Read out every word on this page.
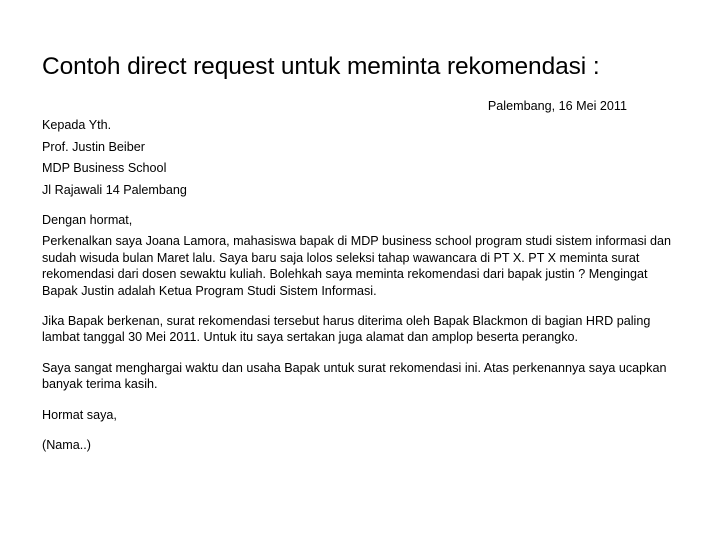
Contoh direct request untuk meminta rekomendasi :

Palembang, 16 Mei 2011

Kepada Yth.

Prof. Justin Beiber

MDP Business School

Jl Rajawali 14 Palembang

Dengan hormat,

Perkenalkan saya Joana Lamora, mahasiswa bapak di MDP business school program studi sistem informasi dan sudah wisuda bulan Maret lalu. Saya baru saja lolos seleksi tahap wawancara di PT X. PT X meminta surat rekomendasi dari dosen sewaktu kuliah. Bolehkah saya meminta rekomendasi dari bapak justin ? Mengingat Bapak Justin adalah Ketua Program Studi Sistem Informasi.

Jika Bapak berkenan, surat rekomendasi tersebut harus diterima oleh Bapak Blackmon di bagian HRD paling lambat tanggal 30 Mei 2011. Untuk itu saya sertakan juga alamat dan amplop beserta perangko.

Saya sangat menghargai waktu dan usaha Bapak untuk surat rekomendasi ini. Atas perkenannya saya ucapkan banyak terima kasih.

Hormat saya,

(Nama..)
